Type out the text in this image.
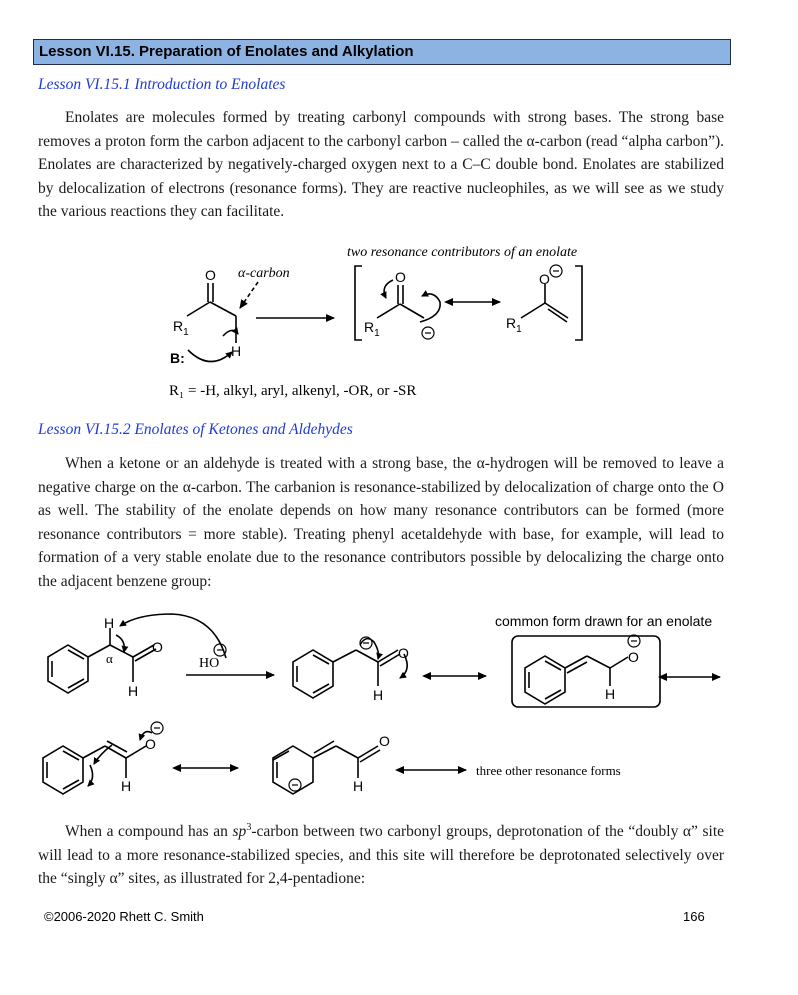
Lesson VI.15. Preparation of Enolates and Alkylation
Lesson VI.15.1 Introduction to Enolates

Enolates are molecules formed by treating carbonyl compounds with strong bases. The strong base removes a proton form the carbon adjacent to the carbonyl carbon – called the α-carbon (read “alpha carbon”). Enolates are characterized by negatively-charged oxygen next to a C–C double bond. Enolates are stabilized by delocalization of electrons (resonance forms). They are reactive nucleophiles, as we will see as we study the various reactions they can facilitate.

O
$R_1$
H
B:
α-carbon
two resonance contributors of an enolate
O
$R_1$
O
$R_1$
R₁ = -H, alkyl, aryl, alkenyl, -OR, or -SR
H
α
O
H
HO
O
H
common form drawn for an enolate
O
H
O
H
O
H
three other resonance forms
Lesson VI.15.2 Enolates of Ketones and Aldehydes

When a ketone or an aldehyde is treated with a strong base, the α-hydrogen will be removed to leave a negative charge on the α-carbon. The carbanion is resonance-stabilized by delocalization of charge onto the O as well. The stability of the enolate depends on how many resonance contributors can be formed (more resonance contributors = more stable). Treating phenyl acetaldehyde with base, for example, will lead to formation of a very stable enolate due to the resonance contributors possible by delocalizing the charge onto the adjacent benzene group:

When a compound has an $sp^3$-carbon between two carbonyl groups, deprotonation of the “doubly α” site will lead to a more resonance-stabilized species, and this site will therefore be deprotonated selectively over the “singly α” sites, as illustrated for 2,4-pentadione:

©2006-2020 Rhett C. Smith	166
